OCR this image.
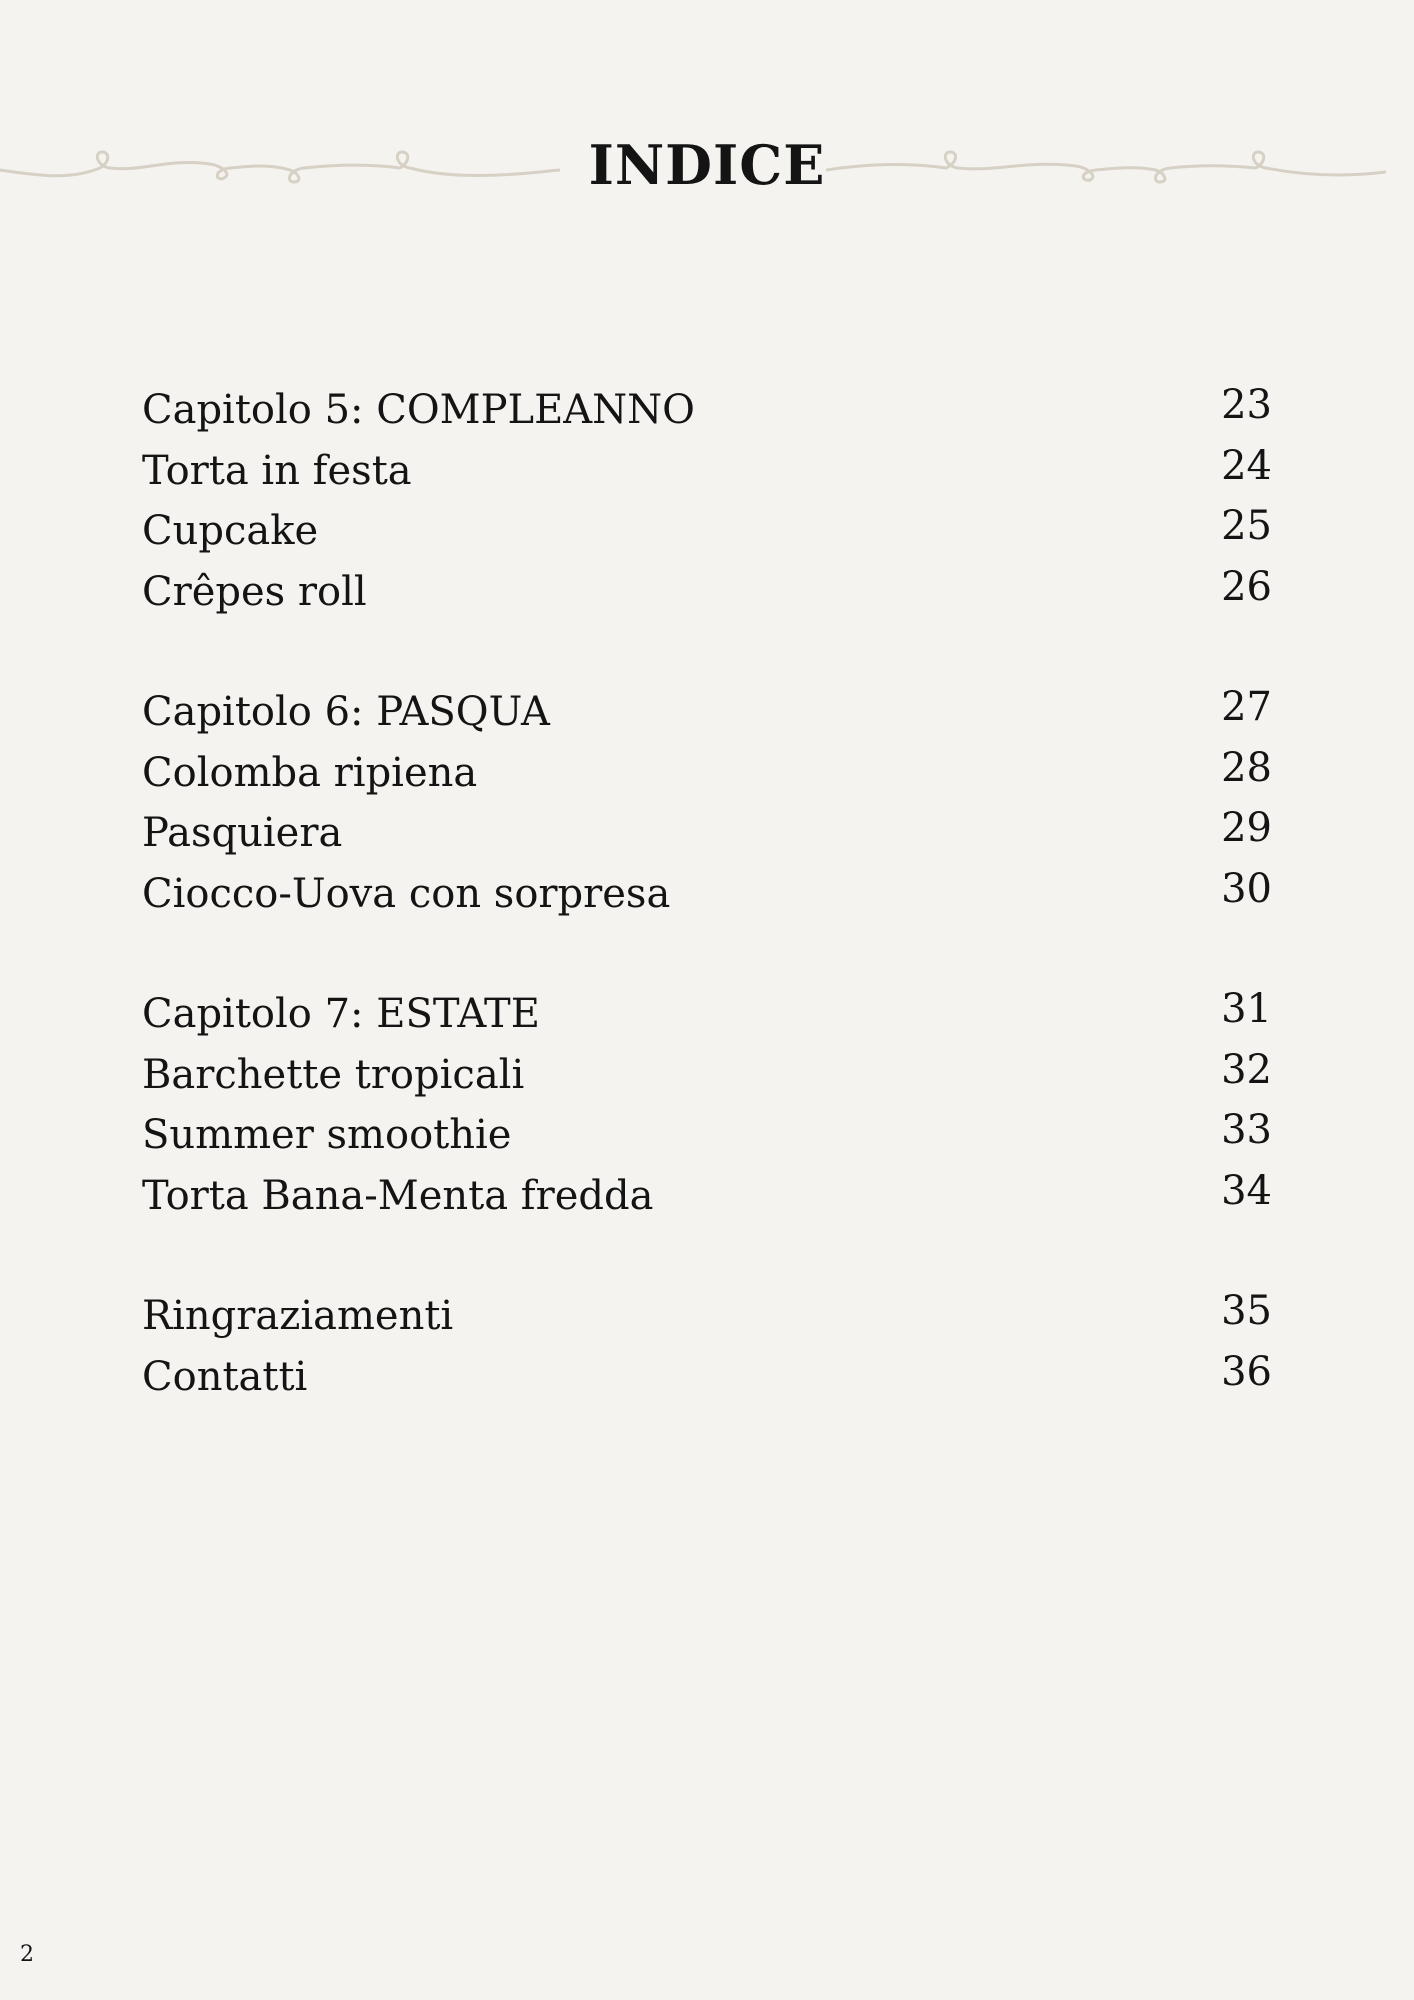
INDICE
Capitolo 5: COMPLEANNO	23
Torta in festa	24
Cupcake	25
Crêpes roll	26
Capitolo 6: PASQUA	27
Colomba ripiena	28
Pasquiera	29
Ciocco-Uova con sorpresa	30
Capitolo 7: ESTATE	31
Barchette tropicali	32
Summer smoothie	33
Torta Bana-Menta fredda	34
Ringraziamenti	35
Contatti	36
2
